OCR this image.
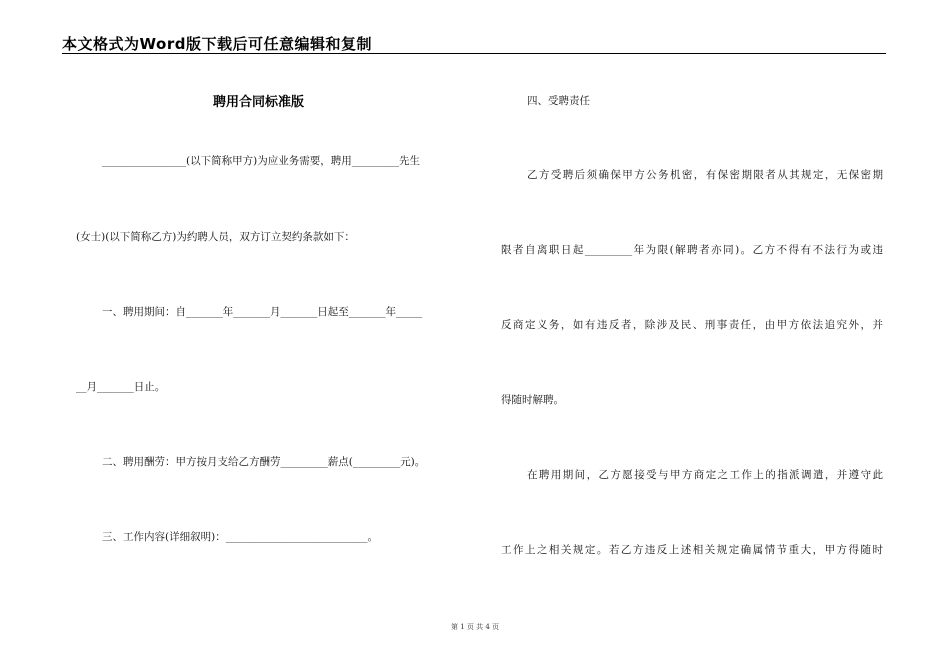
本文格式为Word版下载后可任意编辑和复制
聘用合同标准版
________________(以下简称甲方)为应业务需要，聘用_________先生
(女士)(以下简称乙方)为约聘人员，双方订立契约条款如下：
一、聘用期间：自_______年_______月_______日起至_______年_____
__月_______日止。
二、聘用酬劳：甲方按月支给乙方酬劳_________薪点(_________元)。
三、工作内容(详细叙明)：___________________________。
四、受聘责任
乙方受聘后须确保甲方公务机密，有保密期限者从其规定，无保密期
限者自离职日起_________年为限(解聘者亦同)。乙方不得有不法行为或违
反商定义务，如有违反者，除涉及民、刑事责任，由甲方依法追究外，并
得随时解聘。
在聘用期间，乙方愿接受与甲方商定之工作上的指派调遣，并遵守此
工作上之相关规定。若乙方违反上述相关规定确属情节重大，甲方得随时
第 1 页 共 4 页
